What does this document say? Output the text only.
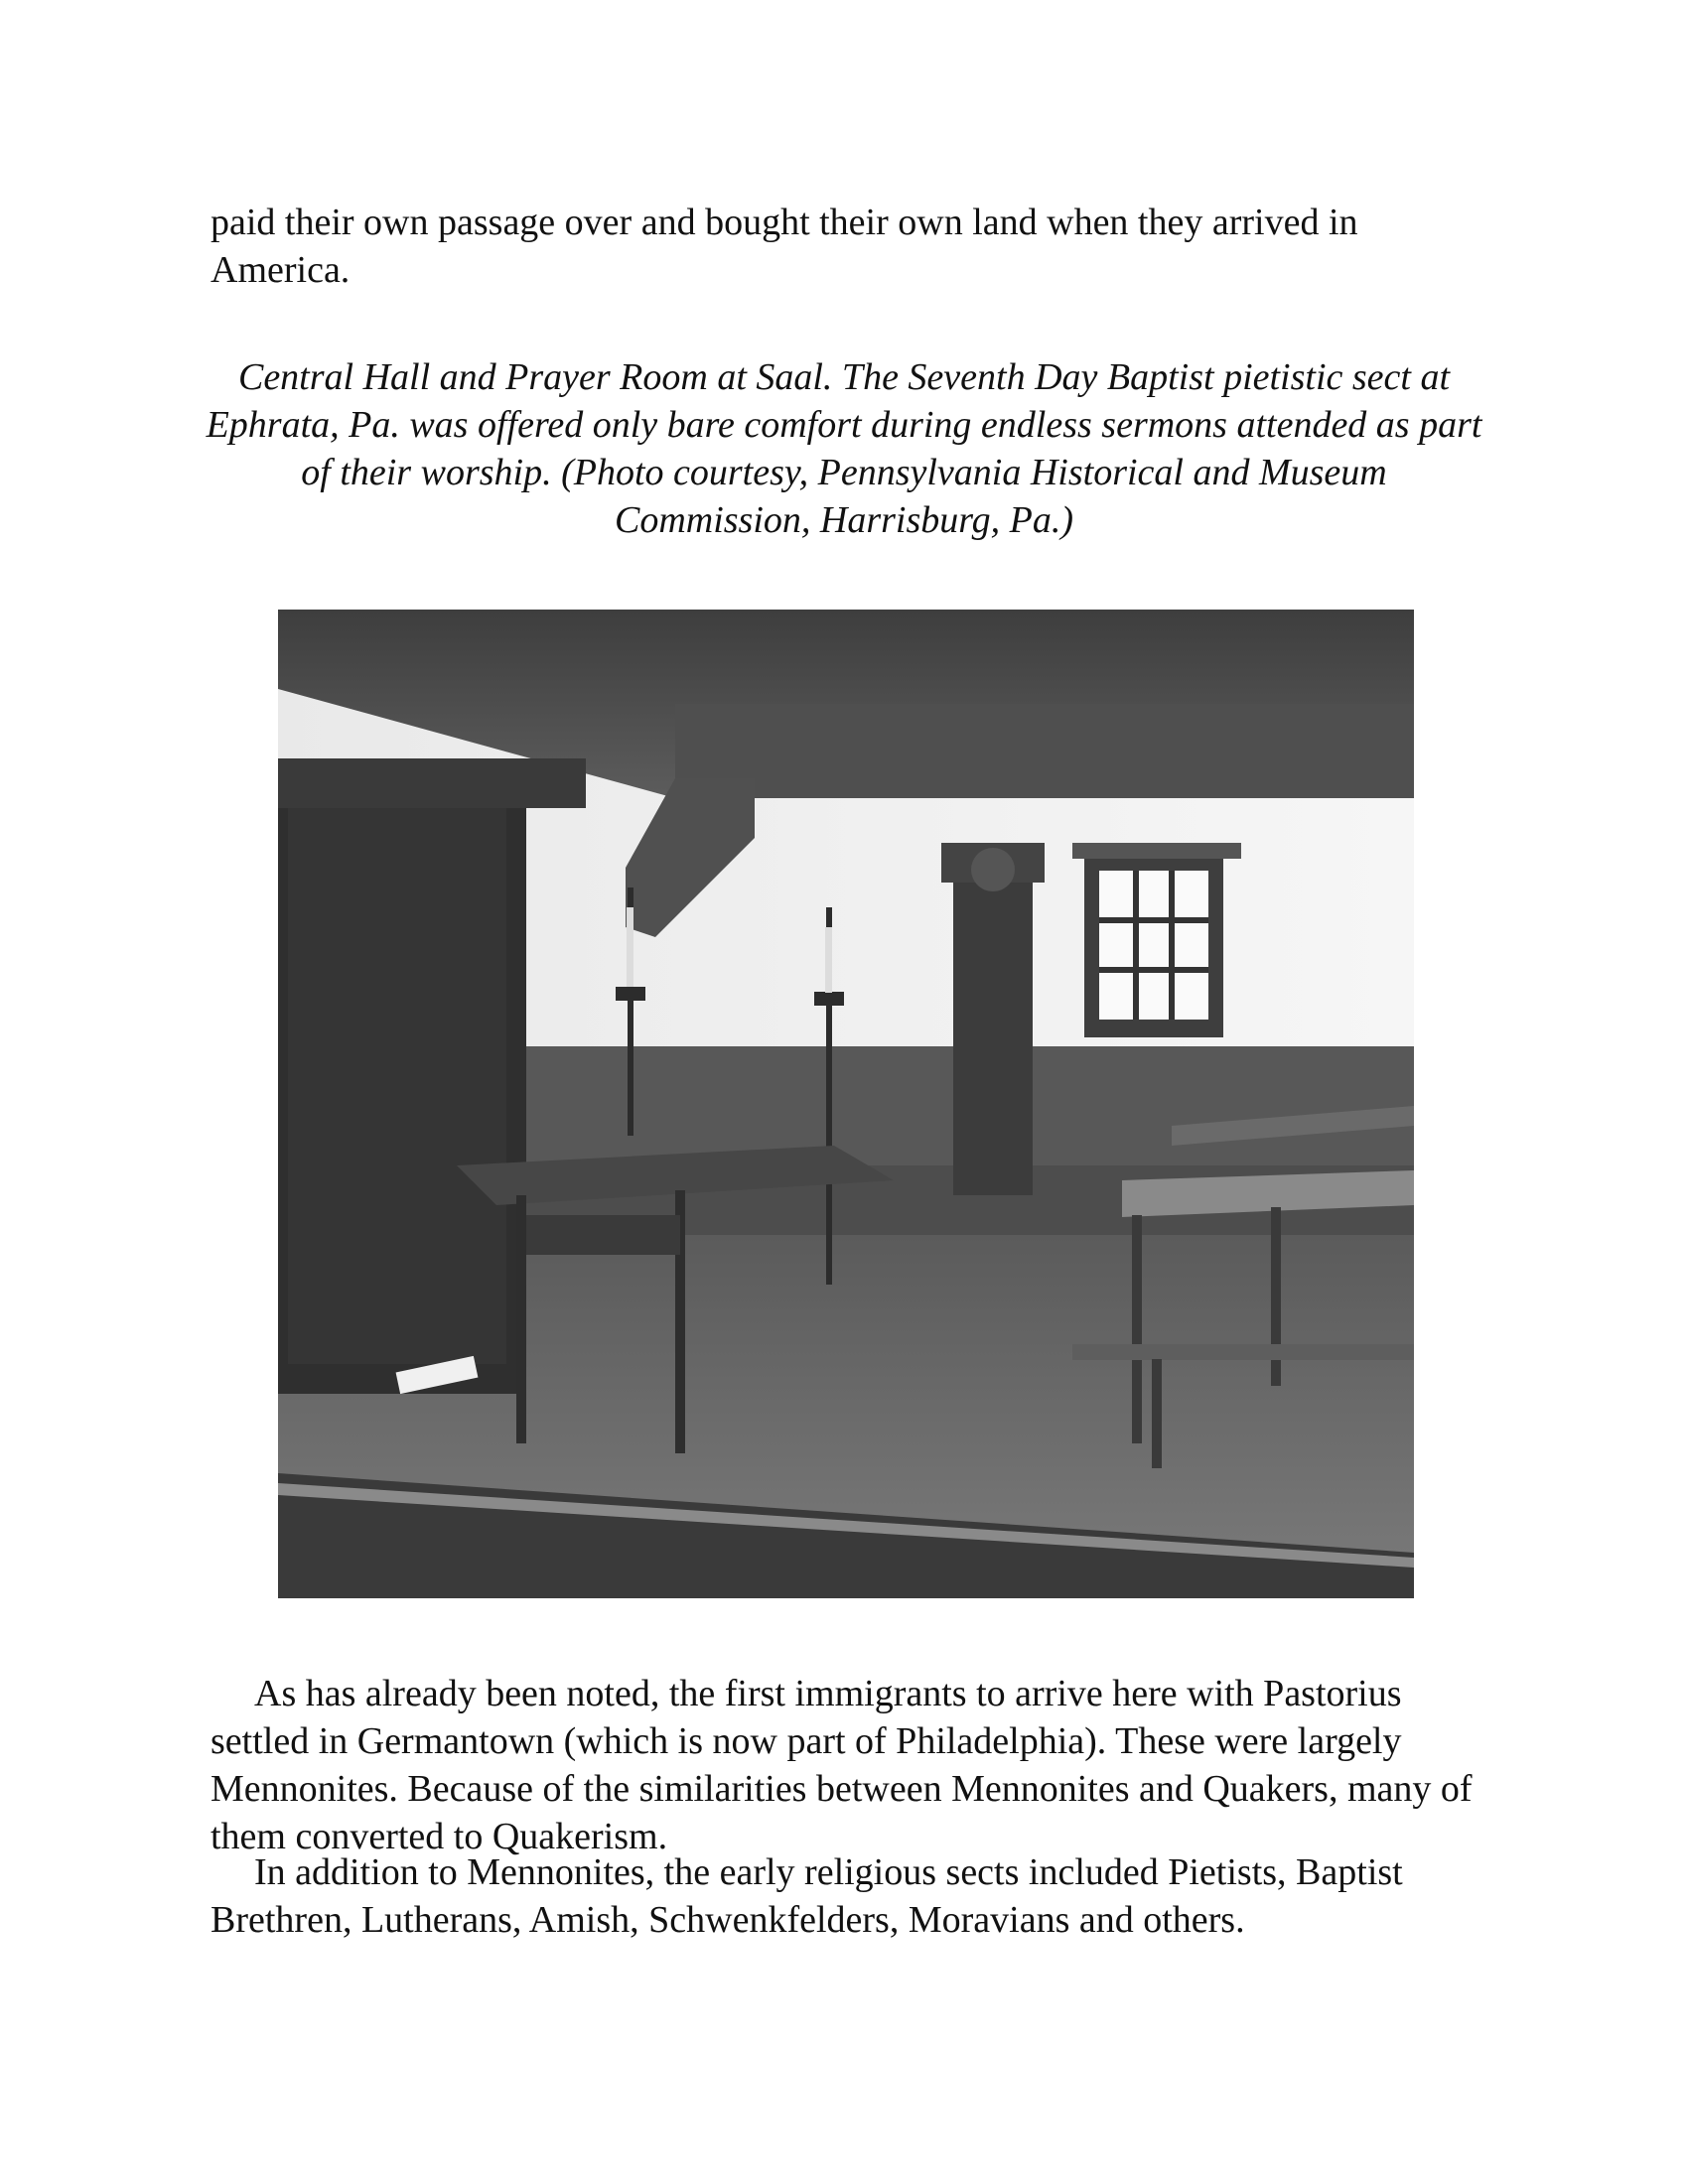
paid their own passage over and bought their own land when they arrived in America.

Central Hall and Prayer Room at Saal. The Seventh Day Baptist pietistic sect at Ephrata, Pa. was offered only bare comfort during endless sermons attended as part of their worship. (Photo courtesy, Pennsylvania Historical and Museum Commission, Harrisburg, Pa.)

As has already been noted, the first immigrants to arrive here with Pastorius settled in Germantown (which is now part of Philadelphia). These were largely Mennonites. Because of the similarities between Mennonites and Quakers, many of them converted to Quakerism.

In addition to Mennonites, the early religious sects included Pietists, Baptist Brethren, Lutherans, Amish, Schwenkfelders, Moravians and others.
